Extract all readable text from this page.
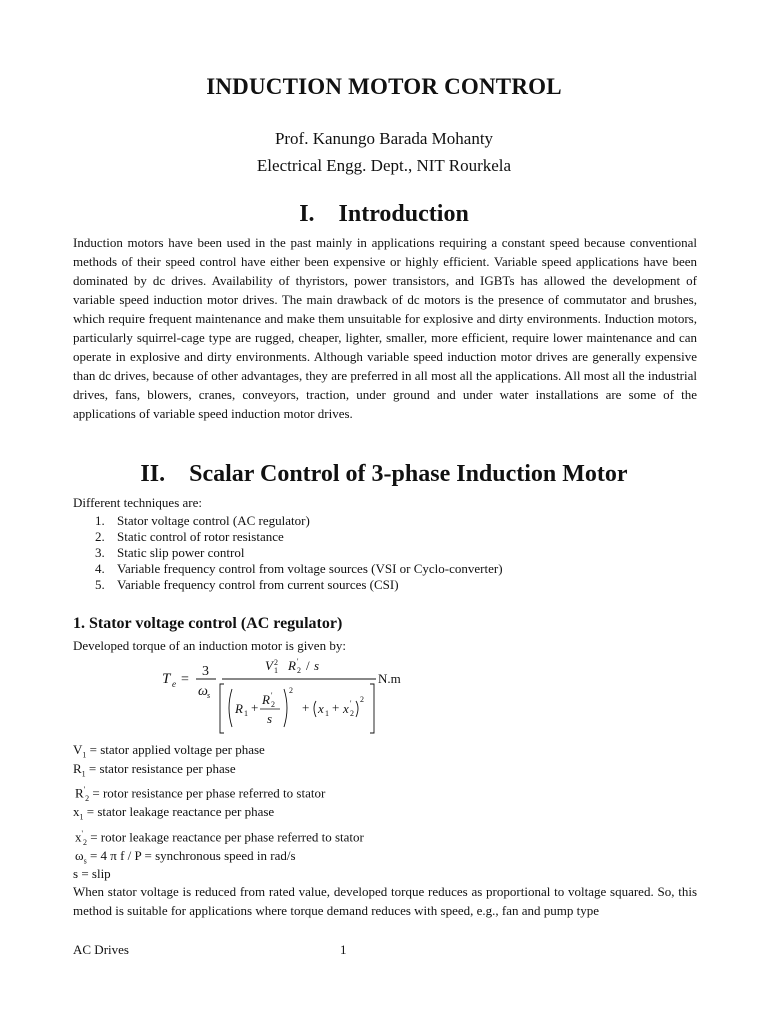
INDUCTION MOTOR CONTROL
Prof. Kanungo Barada Mohanty
Electrical Engg. Dept., NIT Rourkela
I. Introduction
Induction motors have been used in the past mainly in applications requiring a constant speed because conventional methods of their speed control have either been expensive or highly efficient. Variable speed applications have been dominated by dc drives. Availability of thyristors, power transistors, and IGBTs has allowed the development of variable speed induction motor drives. The main drawback of dc motors is the presence of commutator and brushes, which require frequent maintenance and make them unsuitable for explosive and dirty environments. Induction motors, particularly squirrel-cage type are rugged, cheaper, lighter, smaller, more efficient, require lower maintenance and can operate in explosive and dirty environments. Although variable speed induction motor drives are generally expensive than dc drives, because of other advantages, they are preferred in all most all the applications. All most all the industrial drives, fans, blowers, cranes, conveyors, traction, under ground and under water installations are some of the applications of variable speed induction motor drives.
II. Scalar Control of 3-phase Induction Motor
Different techniques are:
1. Stator voltage control (AC regulator)
2. Static control of rotor resistance
3. Static slip power control
4. Variable frequency control from voltage sources (VSI or Cyclo-converter)
5. Variable frequency control from current sources (CSI)
1. Stator voltage control (AC regulator)
Developed torque of an induction motor is given by:
T e =
3
ω s
V 1
2 R 2
' / s
R 1 +
R 2
'
s
2
+ x 1 + x 2
' 2
N.m
$V_1$ = stator applied voltage per phase
$R_1$ = stator resistance per phase
$R'_2$ = rotor resistance per phase referred to stator
$x_1$ = stator leakage reactance per phase
$x'_2$ = rotor leakage reactance per phase referred to stator
$\omega_s = 4$ π f / P = synchronous speed in rad/s
s = slip
When stator voltage is reduced from rated value, developed torque reduces as proportional to voltage squared. So, this method is suitable for applications where torque demand reduces with speed, e.g., fan and pump type
AC Drives	1
